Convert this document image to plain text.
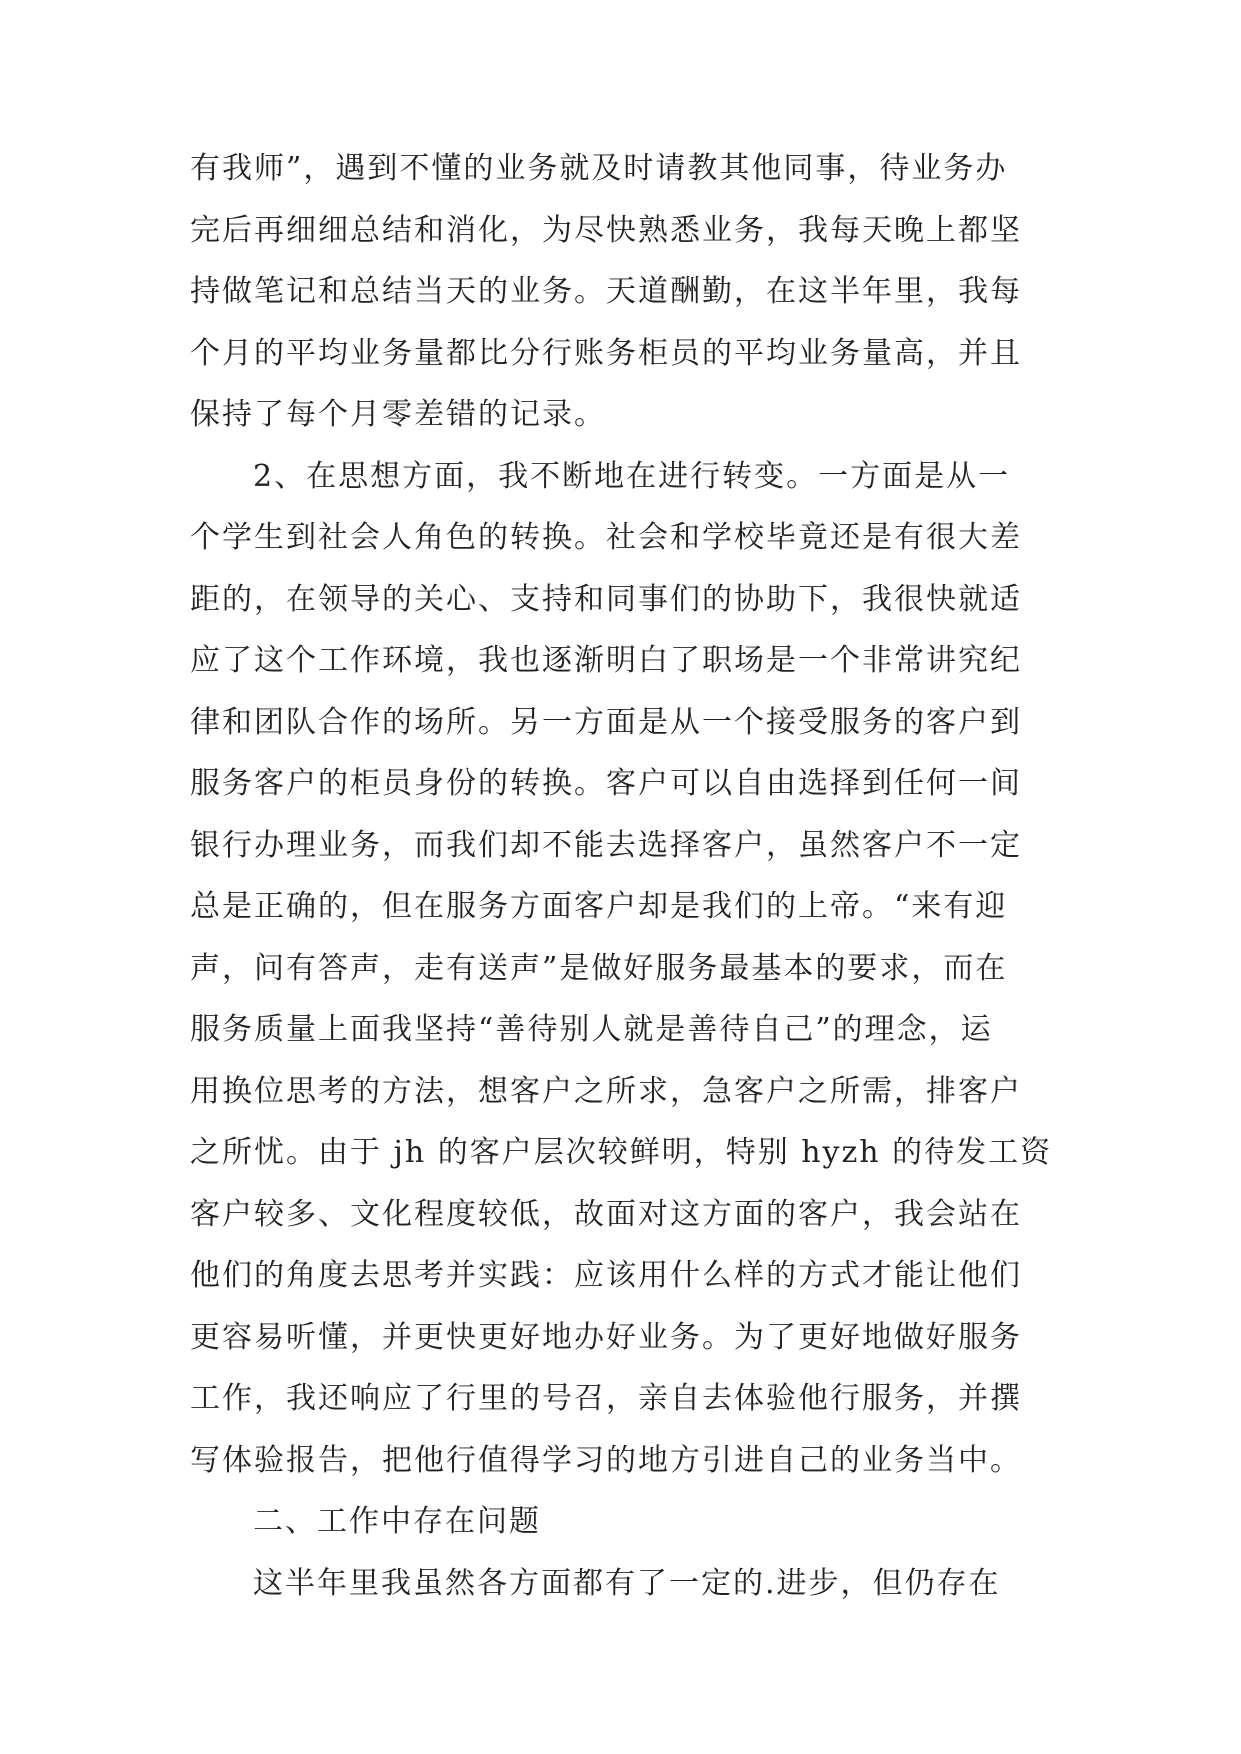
有我师”，遇到不懂的业务就及时请教其他同事，待业务办
完后再细细总结和消化，为尽快熟悉业务，我每天晚上都坚
持做笔记和总结当天的业务。天道酬勤，在这半年里，我每
个月的平均业务量都比分行账务柜员的平均业务量高，并且
保持了每个月零差错的记录。
2、在思想方面，我不断地在进行转变。一方面是从一
个学生到社会人角色的转换。社会和学校毕竟还是有很大差
距的，在领导的关心、支持和同事们的协助下，我很快就适
应了这个工作环境，我也逐渐明白了职场是一个非常讲究纪
律和团队合作的场所。另一方面是从一个接受服务的客户到
服务客户的柜员身份的转换。客户可以自由选择到任何一间
银行办理业务，而我们却不能去选择客户，虽然客户不一定
总是正确的，但在服务方面客户却是我们的上帝。“来有迎
声，问有答声，走有送声”是做好服务最基本的要求，而在
服务质量上面我坚持“善待别人就是善待自己”的理念，运
用换位思考的方法，想客户之所求，急客户之所需，排客户
之所忧。由于 jh 的客户层次较鲜明，特别 hyzh 的待发工资
客户较多、文化程度较低，故面对这方面的客户，我会站在
他们的角度去思考并实践：应该用什么样的方式才能让他们
更容易听懂，并更快更好地办好业务。为了更好地做好服务
工作，我还响应了行里的号召，亲自去体验他行服务，并撰
写体验报告，把他行值得学习的地方引进自己的业务当中。
二、工作中存在问题
这半年里我虽然各方面都有了一定的.进步，但仍存在
